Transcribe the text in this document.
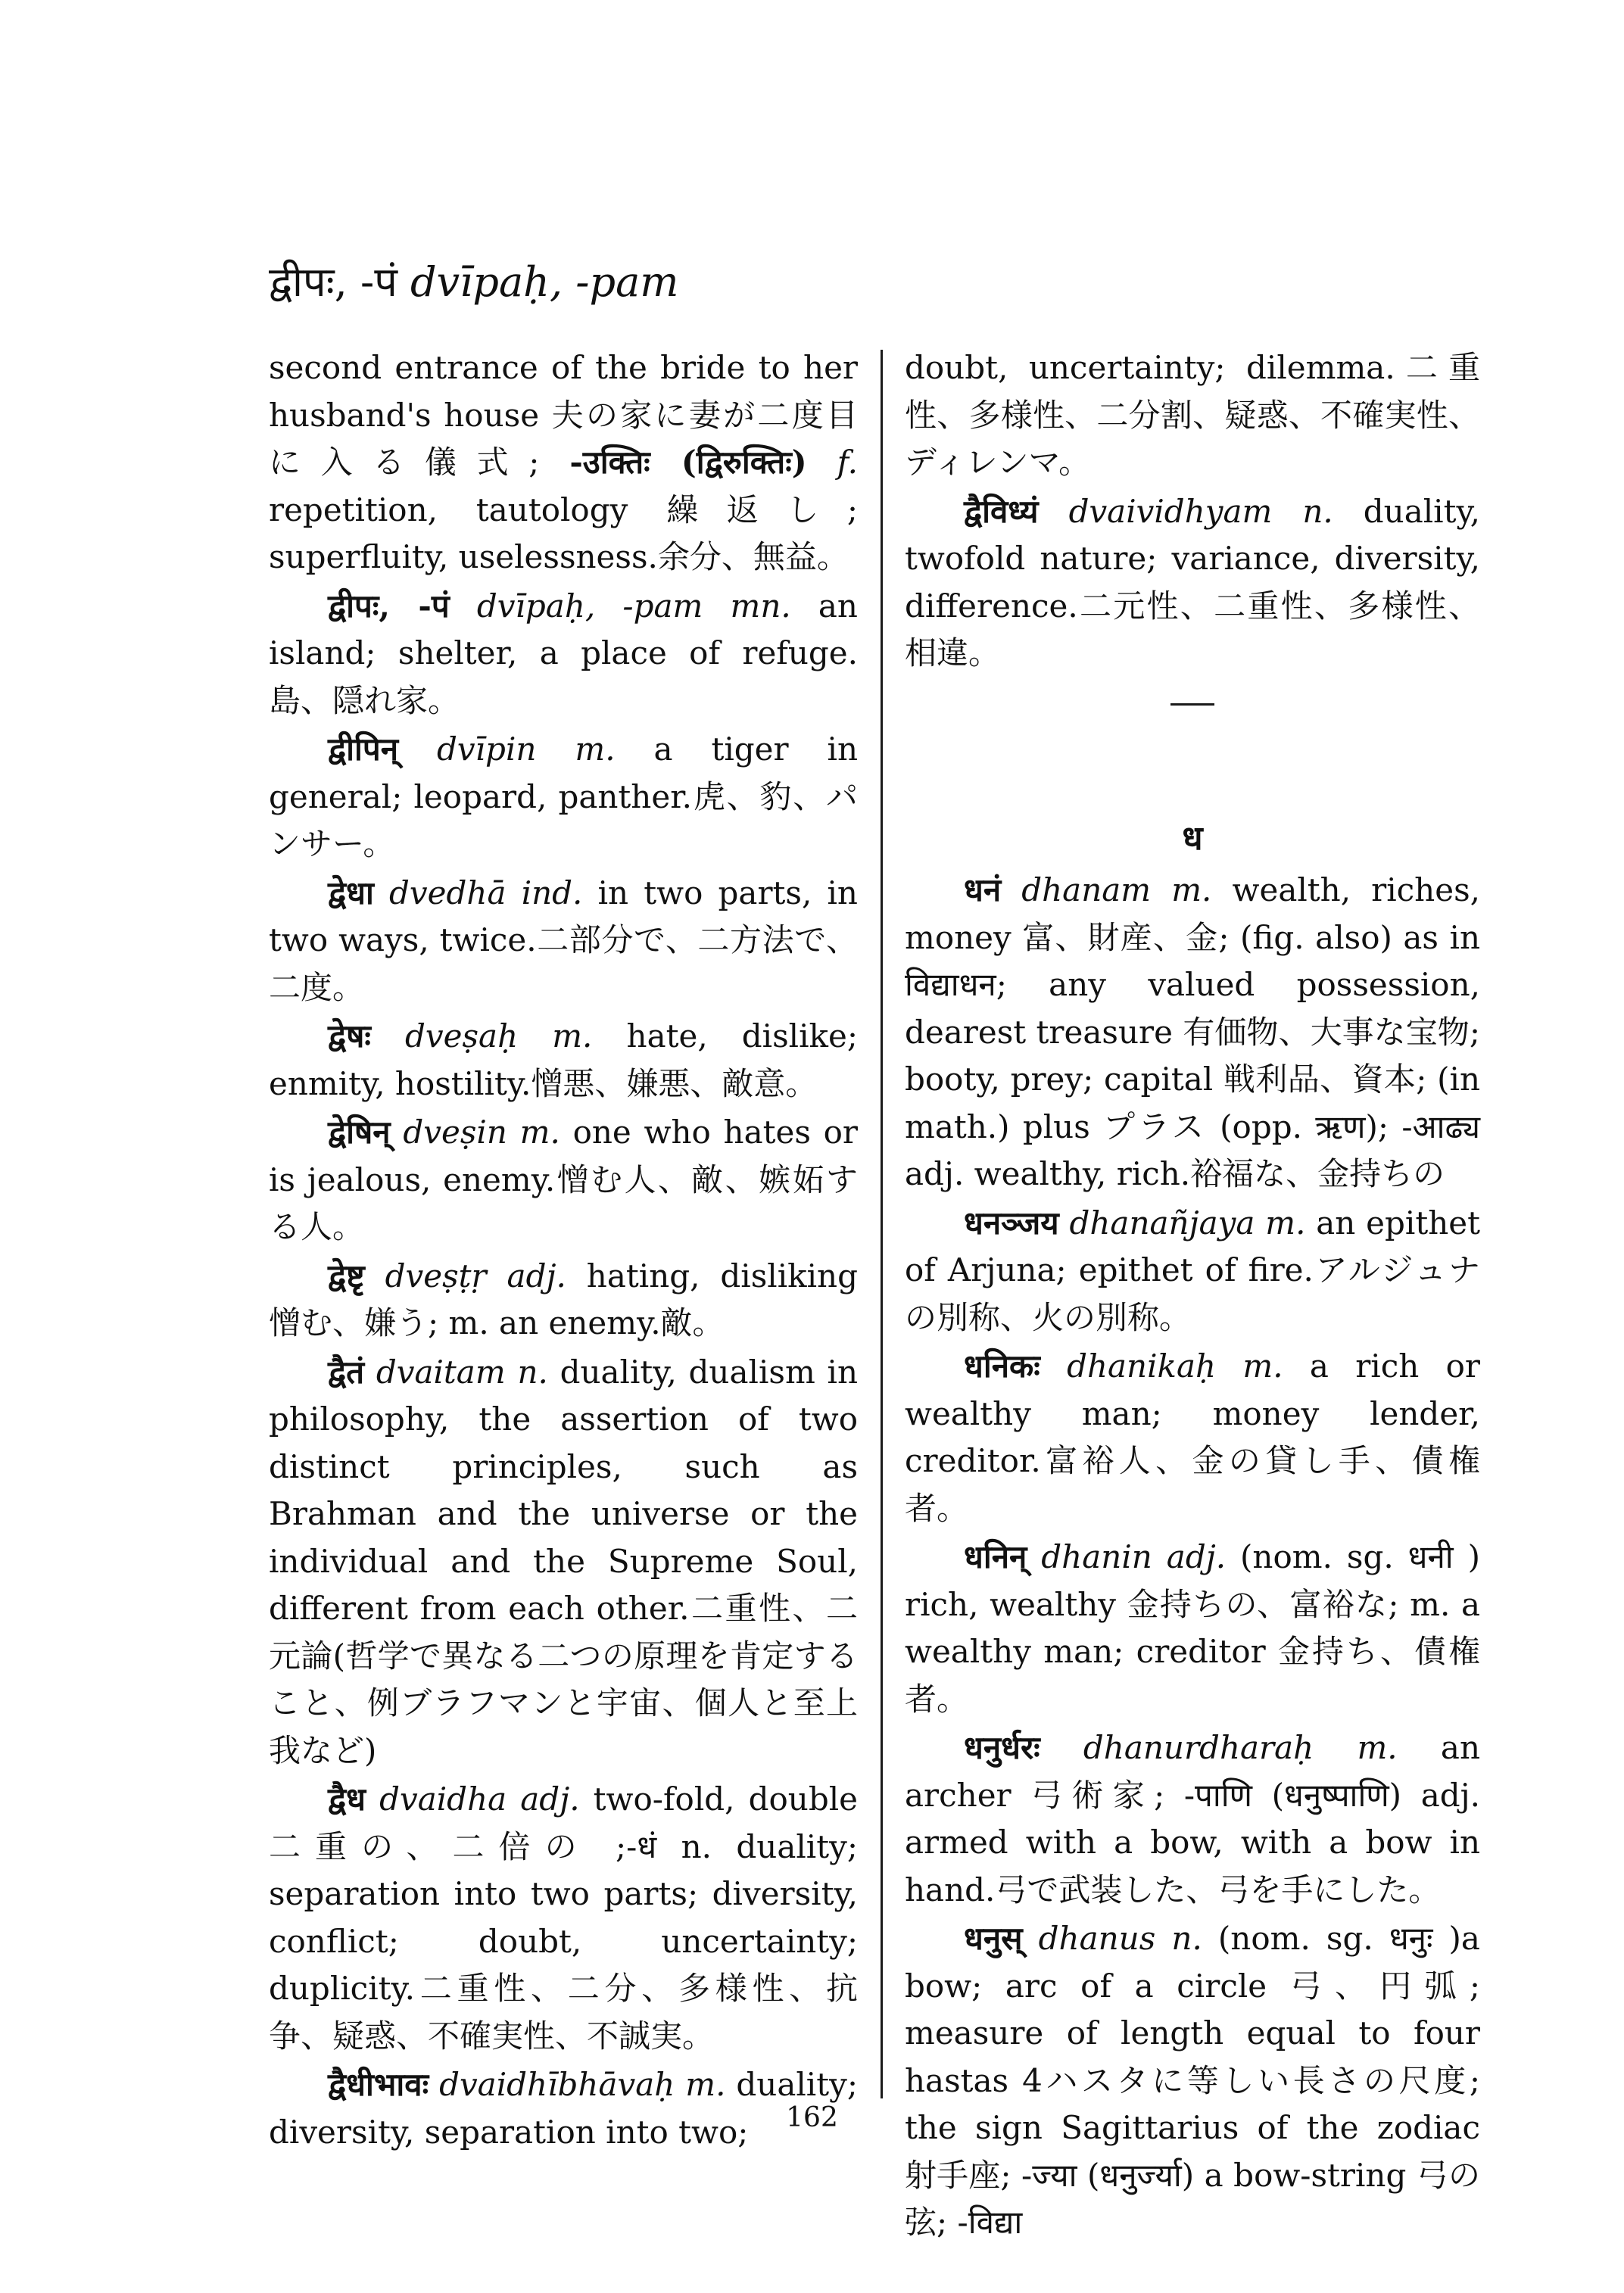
द्वीपः, -पं dvīpaḥ, -pam
second entrance of the bride to her husband's house 夫の家に妻が二度目に入る儀式; -उक्तिः (द्विरुक्तिः) f. repetition, tautology 繰返し; superfluity, uselessness.余分、無益。
द्वीपः, -पं dvīpaḥ, -pam mn. an island; shelter, a place of refuge.島、隠れ家。
द्वीपिन् dvīpin m. a tiger in general; leopard, panther.虎、豹、パンサー。
द्वेधा dvedhā ind. in two parts, in two ways, twice.二部分で、二方法で、二度。
द्वेषः dveṣaḥ m. hate, dislike; enmity, hostility.憎悪、嫌悪、敵意。
द्वेषिन् dveṣin m. one who hates or is jealous, enemy.憎む人、敵、嫉妬する人。
द्वेष्टृ dveṣṭṛ adj. hating, disliking 憎む、嫌う; m. an enemy.敵。
द्वैतं dvaitam n. duality, dualism in philosophy, the assertion of two distinct principles, such as Brahman and the universe or the individual and the Supreme Soul, different from each other.二重性、二元論(哲学で異なる二つの原理を肯定すること、例ブラフマンと宇宙、個人と至上我など)
द्वैध dvaidha adj. two-fold, double二重の、二倍の ;-धं n. duality; separation into two parts; diversity, conflict; doubt, uncertainty; duplicity.二重性、二分、多様性、抗争、疑惑、不確実性、不誠実。
द्वैधीभावः dvaidhībhāvaḥ m. duality; diversity, separation into two;
doubt, uncertainty; dilemma.二重性、多様性、二分割、疑惑、不確実性、ディレンマ。
द्वैविध्यं dvaividhyam n. duality, twofold nature; variance, diversity, difference.二元性、二重性、多様性、相違。
ध
धनं dhanam m. wealth, riches, money 富、財産、金; (fig. also) as in विद्याधन; any valued possession, dearest treasure 有価物、大事な宝物; booty, prey; capital 戦利品、資本; (in math.) plus プラス (opp. ऋण); -आढ्य adj. wealthy, rich.裕福な、金持ちの
धनञ्जय dhanañjaya m. an epithet of Arjuna; epithet of fire.アルジュナの別称、火の別称。
धनिकः dhanikaḥ m. a rich or wealthy man; money lender, creditor.富裕人、金の貸し手、債権者。
धनिन् dhanin adj. (nom. sg. धनी ) rich, wealthy 金持ちの、富裕な; m. a wealthy man; creditor 金持ち、債権者。
धनुर्धरः dhanurdharaḥ m. an archer 弓術家; -पाणि (धनुष्पाणि) adj. armed with a bow, with a bow in hand.弓で武装した、弓を手にした。
धनुस् dhanus n. (nom. sg. धनुः )a bow; arc of a circle 弓、円弧; measure of length equal to four hastas 4ハスタに等しい長さの尺度; the sign Sagittarius of the zodiac 射手座; -ज्या (धनुर्ज्या) a bow-string 弓の弦; -विद्या
162
